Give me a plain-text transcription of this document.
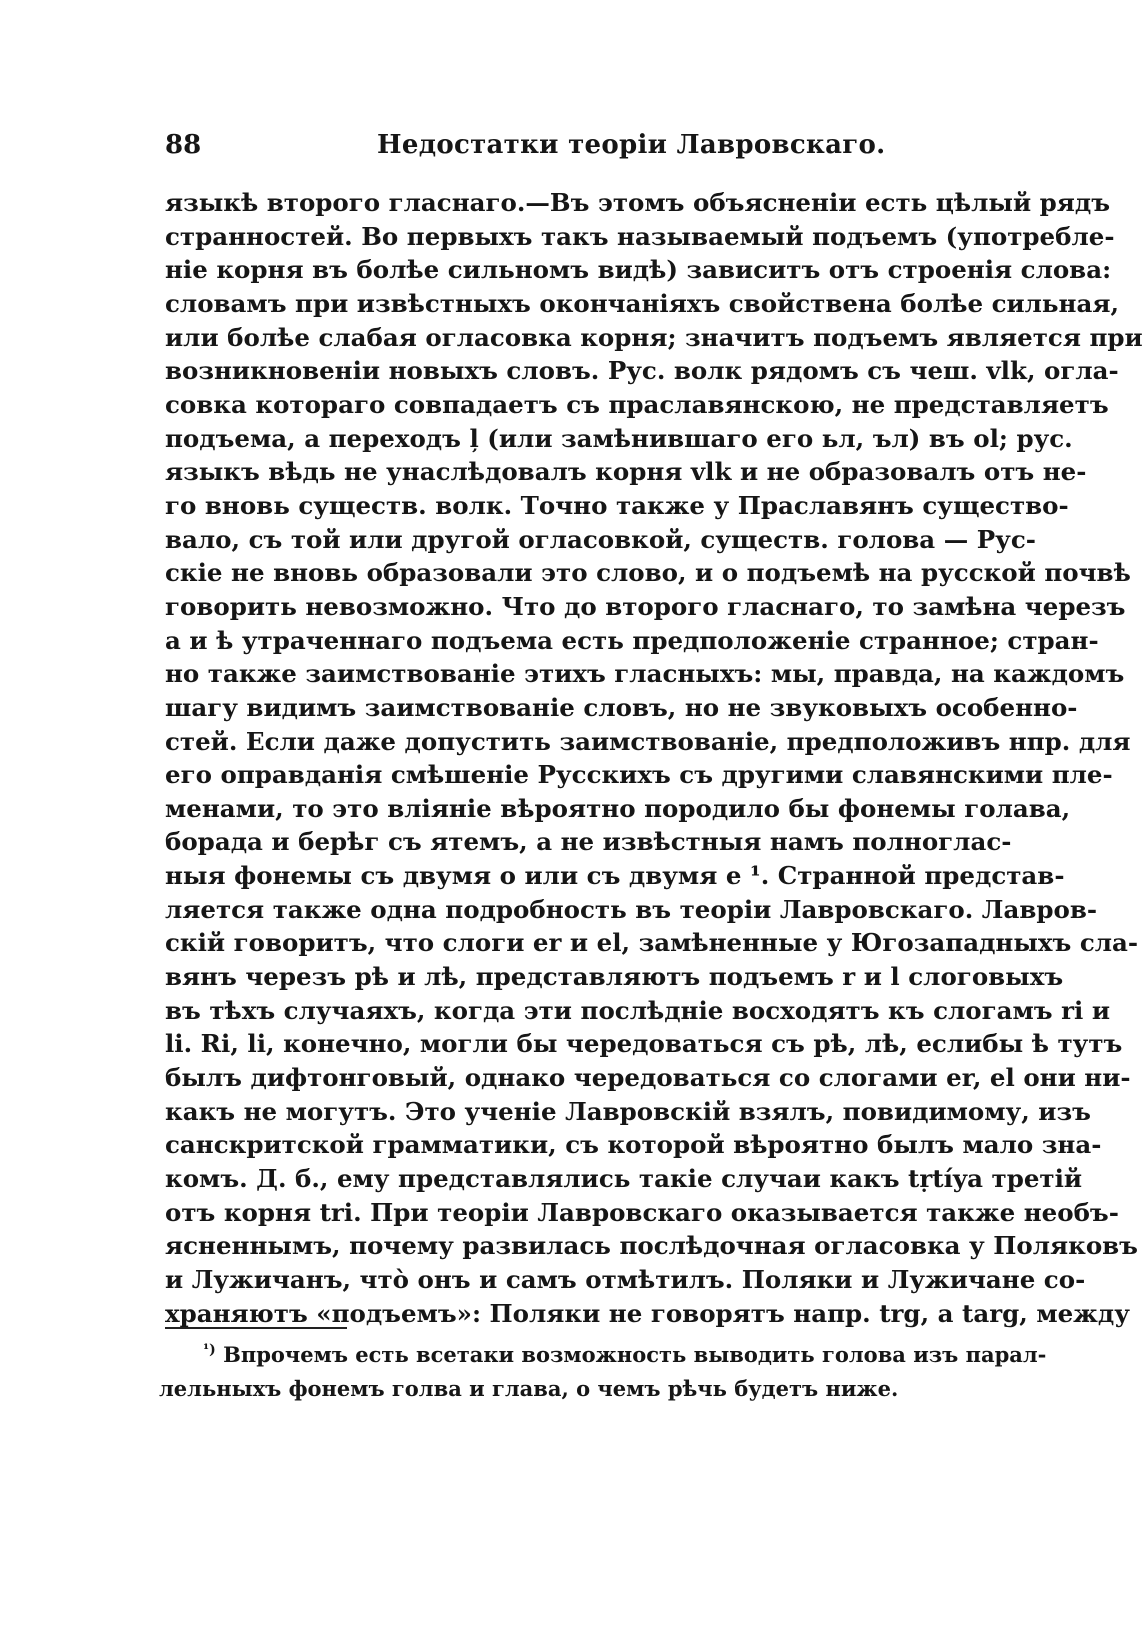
88	Недостатки теоріи Лавровскаго.
языкѣ второго гласнаго.—Въ этомъ объясненіи есть цѣлый рядъ
странностей. Во первыхъ такъ называемый подъемъ (употребле-
ніе корня въ болѣе сильномъ видѣ) зависитъ отъ строенія слова:
словамъ при извѣстныхъ окончаніяхъ свойствена болѣе сильная,
или болѣе слабая огласовка корня; значитъ подъемъ является при
возникновеніи новыхъ словъ. Рус. волк рядомъ съ чеш. vlk, огла-
совка котораго совпадаетъ съ праславянскою, не представляетъ
подъема, а переходъ ļ (или замѣнившаго его ьл, ъл) въ ol; рус.
языкъ вѣдь не унаслѣдовалъ корня vlk и не образовалъ отъ не-
го вновь существ. волк. Точно также у Праславянъ существо-
вало, съ той или другой огласовкой, существ. голова — Рус-
скіе не вновь образовали это слово, и о подъемѣ на русской почвѣ
говорить невозможно. Что до второго гласнаго, то замѣна черезъ
а и ѣ утраченнаго подъема есть предположеніе странное; стран-
но также заимствованіе этихъ гласныхъ: мы, правда, на каждомъ
шагу видимъ заимствованіе словъ, но не звуковыхъ особенно-
стей. Если даже допустить заимствованіе, предположивъ нпр. для
его оправданія смѣшеніе Русскихъ съ другими славянскими пле-
менами, то это вліяніе вѣроятно породило бы фонемы голава,
борада и берѣг съ ятемъ, а не извѣстныя намъ полноглас-
ныя фонемы съ двумя о или съ двумя е ¹. Странной представ-
ляется также одна подробность въ теоріи Лавровскаго. Лавров-
скій говоритъ, что слоги er и el, замѣненные у Югозападныхъ сла-
вянъ черезъ рѣ и лѣ, представляютъ подъемъ r и l слоговыхъ
въ тѣхъ случаяхъ, когда эти послѣдніе восходятъ къ слогамъ ri и
li. Ri, li, конечно, могли бы чередоваться съ рѣ, лѣ, еслибы ѣ тутъ
былъ дифтонговый, однако чередоваться со слогами er, el они ни-
какъ не могутъ. Это ученіе Лавровскій взялъ, повидимому, изъ
санскритской грамматики, съ которой вѣроятно былъ мало зна-
комъ. Д. б., ему представлялись такіе случаи какъ tṛtíya третій
отъ корня tri. При теоріи Лавровскаго оказывается также необъ-
ясненнымъ, почему развилась послѣдочная огласовка у Поляковъ
и Лужичанъ, чтò онъ и самъ отмѣтилъ. Поляки и Лужичане со-
храняютъ «подъемъ»: Поляки не говорятъ напр. trg, а targ, между
$^{^1)}$ Впрочемъ есть всетаки возможность выводить голова изъ парал-
лельныхъ фонемъ голва и глава, о чемъ рѣчь будетъ ниже.
